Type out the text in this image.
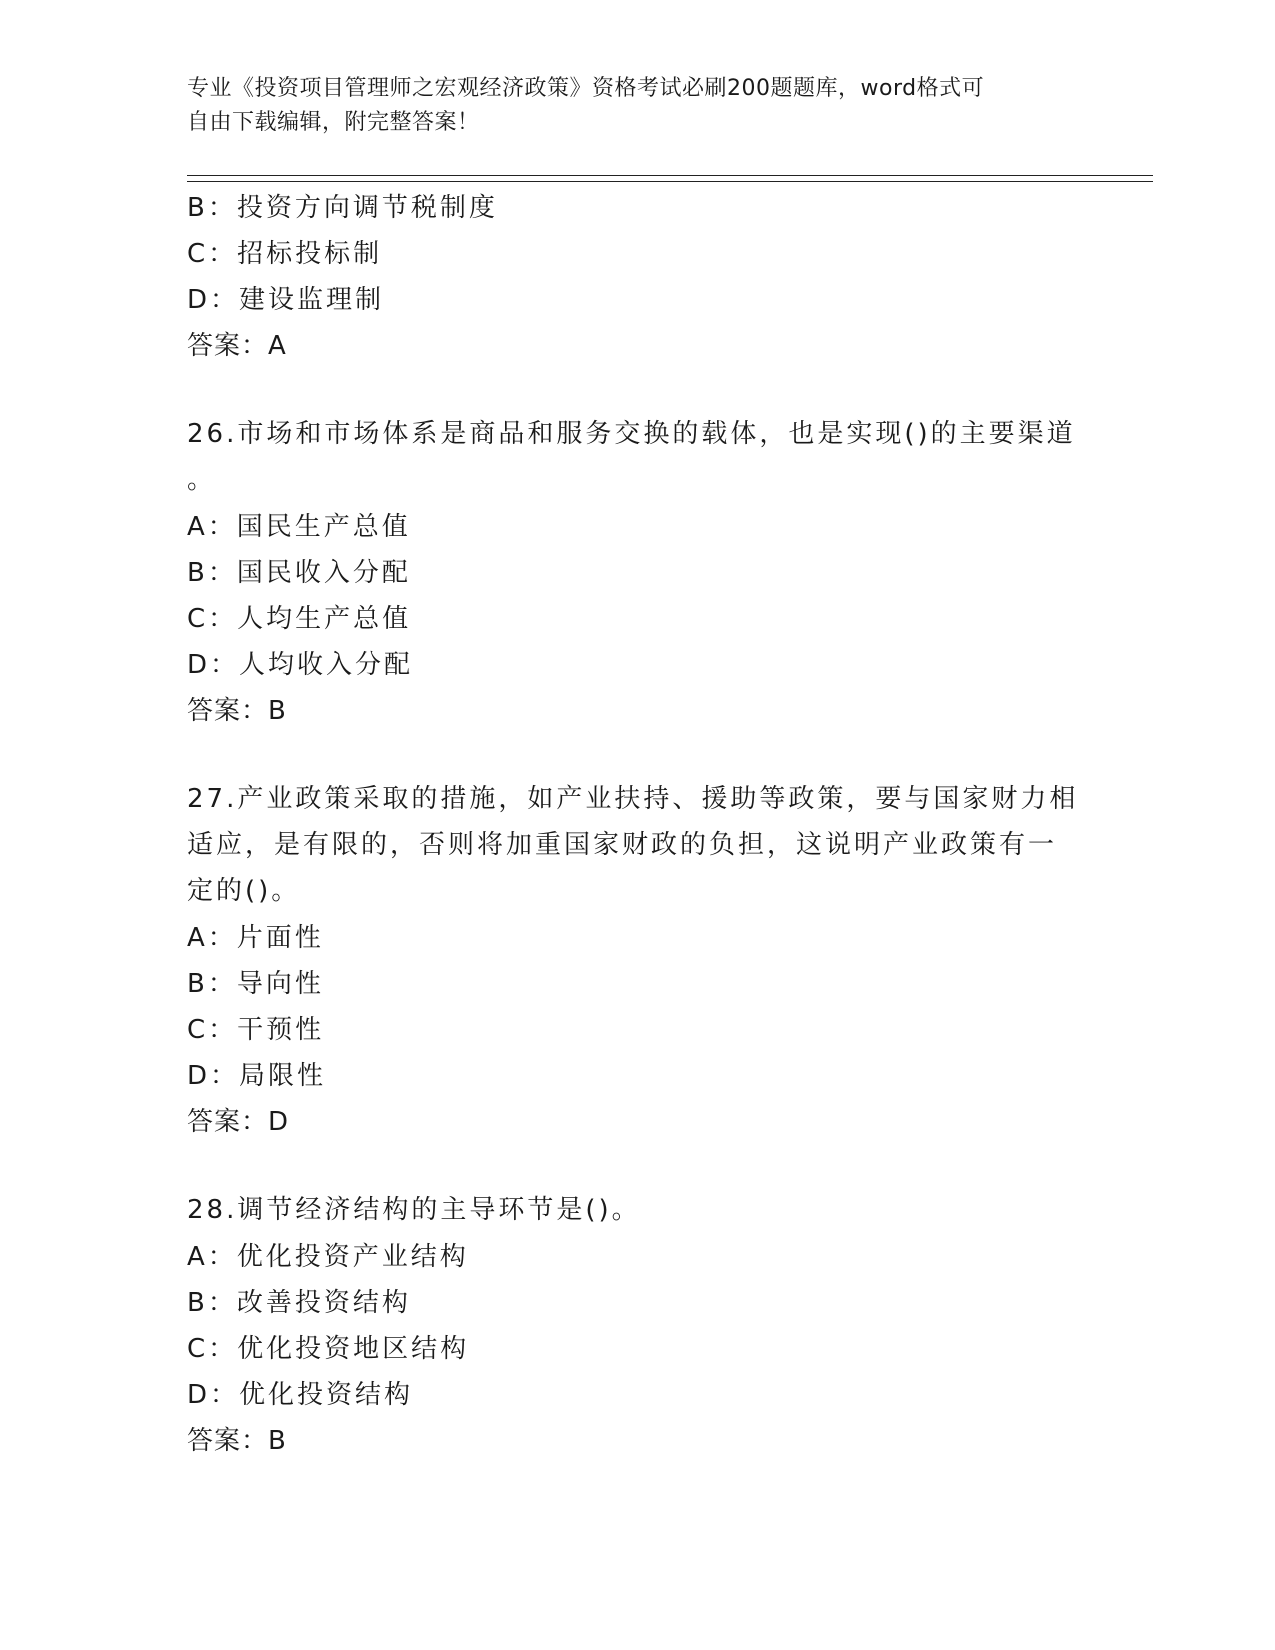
专业《投资项目管理师之宏观经济政策》资格考试必刷200题题库，word格式可
自由下载编辑，附完整答案！
B：投资方向调节税制度
C：招标投标制
D：建设监理制
答案：A
26.市场和市场体系是商品和服务交换的载体，也是实现()的主要渠道
。
A：国民生产总值
B：国民收入分配
C：人均生产总值
D：人均收入分配
答案：B
27.产业政策采取的措施，如产业扶持、援助等政策，要与国家财力相
适应，是有限的，否则将加重国家财政的负担，这说明产业政策有一
定的()。
A：片面性
B：导向性
C：干预性
D：局限性
答案：D
28.调节经济结构的主导环节是()。
A：优化投资产业结构
B：改善投资结构
C：优化投资地区结构
D：优化投资结构
答案：B
